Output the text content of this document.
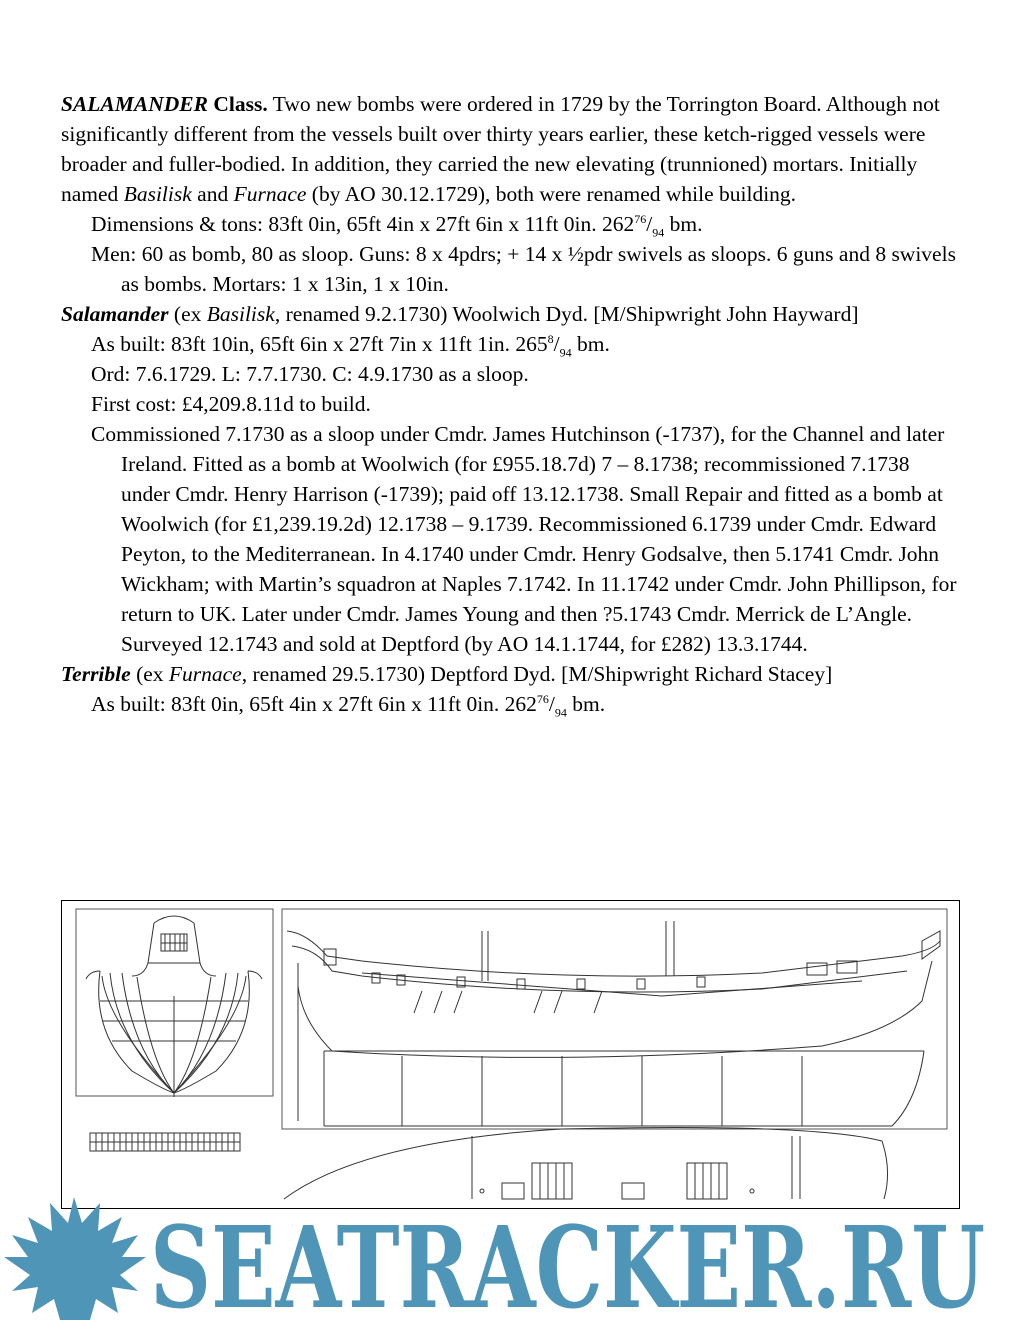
SALAMANDER Class. Two new bombs were ordered in 1729 by the Torrington Board. Although not significantly different from the vessels built over thirty years earlier, these ketch-rigged vessels were broader and fuller-bodied. In addition, they carried the new elevating (trunnioned) mortars. Initially named Basilisk and Furnace (by AO 30.12.1729), both were renamed while building.

Dimensions & tons: 83ft 0in, 65ft 4in x 27ft 6in x 11ft 0in. $262^{76}/_{94}$ bm.

Men: 60 as bomb, 80 as sloop. Guns: 8 x 4pdrs; + 14 x ½pdr swivels as sloops. 6 guns and 8 swivels as bombs. Mortars: 1 x 13in, 1 x 10in.

Salamander (ex Basilisk, renamed 9.2.1730) Woolwich Dyd. [M/Shipwright John Hayward]

As built: 83ft 10in, 65ft 6in x 27ft 7in x 11ft 1in. $265^8/_{94}$ bm.

Ord: 7.6.1729. L: 7.7.1730. C: 4.9.1730 as a sloop.

First cost: £4,209.8.11d to build.

Commissioned 7.1730 as a sloop under Cmdr. James Hutchinson (-1737), for the Channel and later Ireland. Fitted as a bomb at Woolwich (for £955.18.7d) 7 – 8.1738; recommissioned 7.1738 under Cmdr. Henry Harrison (-1739); paid off 13.12.1738. Small Repair and fitted as a bomb at Woolwich (for £1,239.19.2d) 12.1738 – 9.1739. Recommissioned 6.1739 under Cmdr. Edward Peyton, to the Mediterranean. In 4.1740 under Cmdr. Henry Godsalve, then 5.1741 Cmdr. John Wickham; with Martin’s squadron at Naples 7.1742. In 11.1742 under Cmdr. John Phillipson, for return to UK. Later under Cmdr. James Young and then ?5.1743 Cmdr. Merrick de L’Angle. Surveyed 12.1743 and sold at Deptford (by AO 14.1.1744, for £282) 13.3.1744.

Terrible (ex Furnace, renamed 29.5.1730) Deptford Dyd. [M/Shipwright Richard Stacey]

As built: 83ft 0in, 65ft 4in x 27ft 6in x 11ft 0in. $262^{76}/_{94}$ bm.

SEATRACKER.RU
